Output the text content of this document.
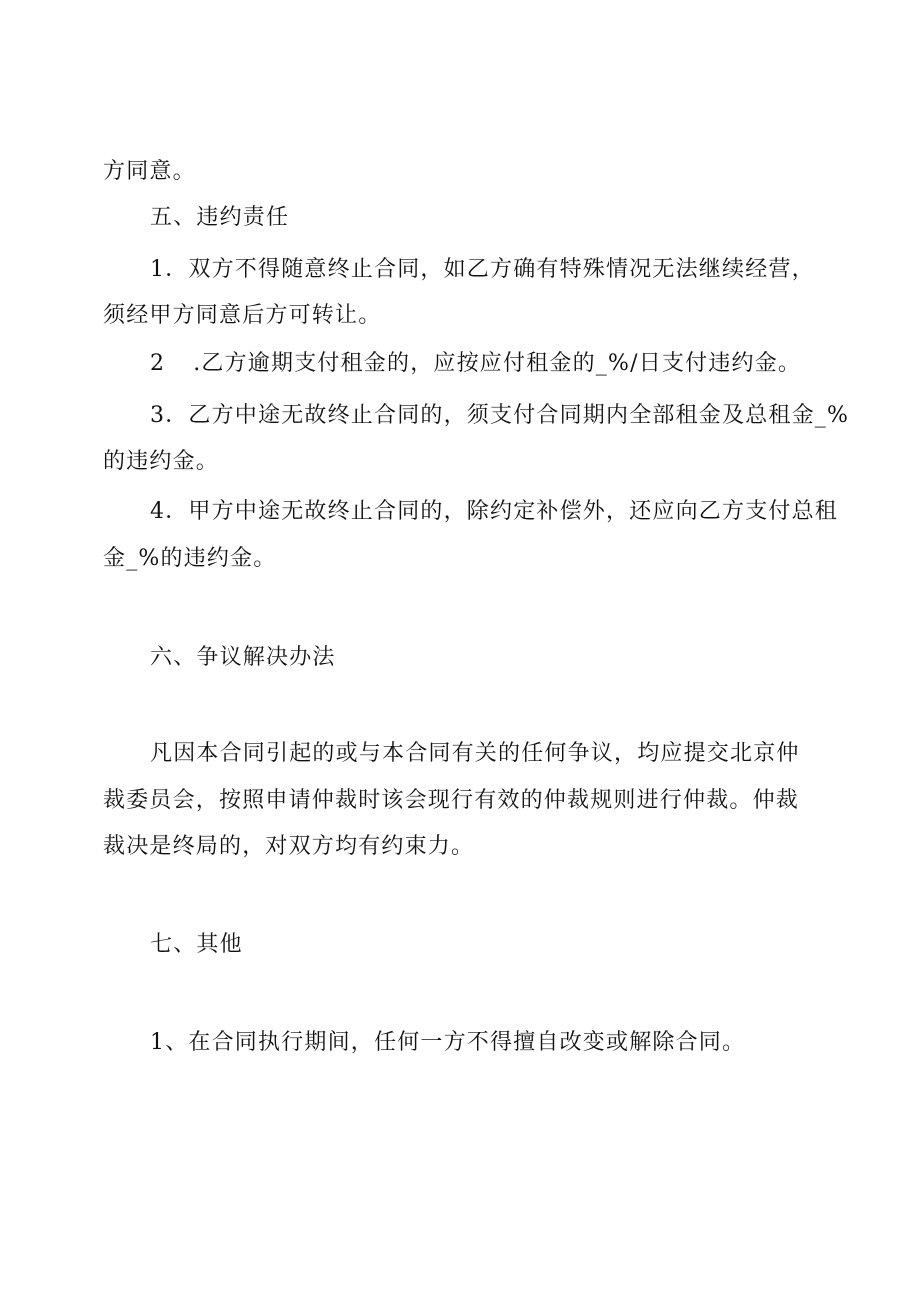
方同意。
五、违约责任
1．双方不得随意终止合同，如乙方确有特殊情况无法继续经营，
须经甲方同意后方可转让。
2 .乙方逾期支付租金的，应按应付租金的_%/日支付违约金。
3．乙方中途无故终止合同的，须支付合同期内全部租金及总租金_%
的违约金。
4．甲方中途无故终止合同的，除约定补偿外，还应向乙方支付总租
金_%的违约金。
六、争议解决办法
凡因本合同引起的或与本合同有关的任何争议，均应提交北京仲
裁委员会，按照申请仲裁时该会现行有效的仲裁规则进行仲裁。仲裁
裁决是终局的，对双方均有约束力。
七、其他
1、在合同执行期间，任何一方不得擅自改变或解除合同。
